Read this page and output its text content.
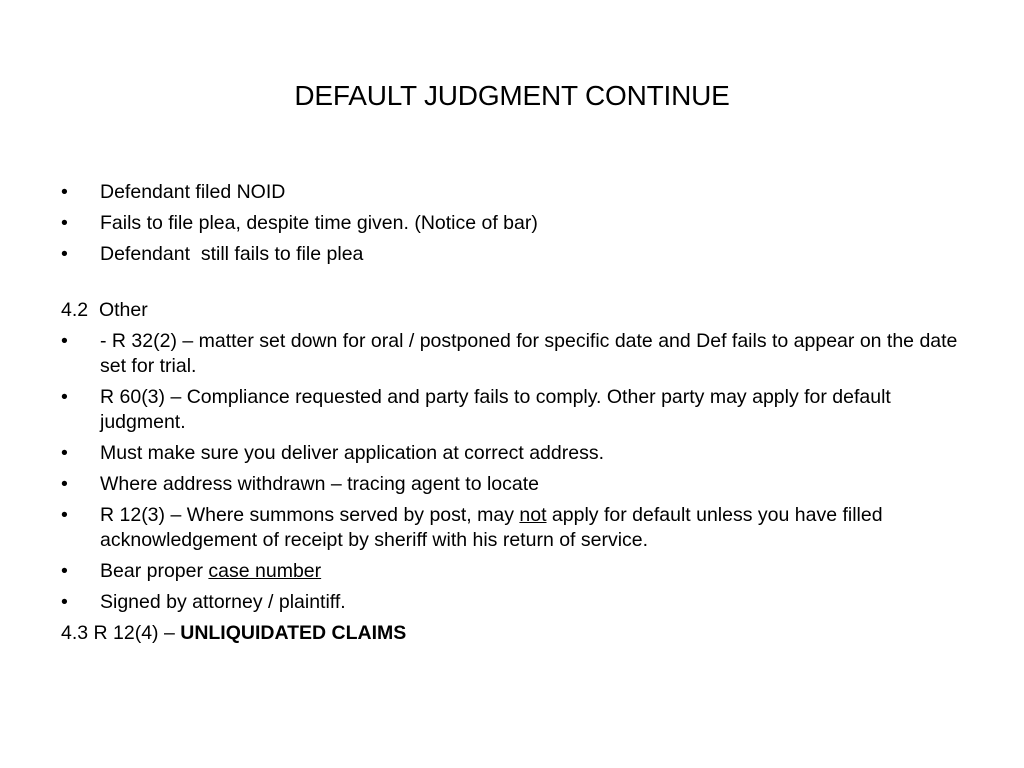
DEFAULT JUDGMENT CONTINUE
•	Defendant filed NOID
•	Fails to file plea, despite time given. (Notice of bar)
•	Defendant  still fails to file plea
4.2  Other
•	- R 32(2) – matter set down for oral / postponed for specific date and Def fails to appear on the date set for trial.
•	R 60(3) – Compliance requested and party fails to comply. Other party may apply for default judgment.
•	Must make sure you deliver application at correct address.
•	Where address withdrawn – tracing agent to locate
•	R 12(3) – Where summons served by post, may not apply for default unless you have filled acknowledgement of receipt by sheriff with his return of service.
•	Bear proper case number
•	Signed by attorney / plaintiff.
4.3 R 12(4) – UNLIQUIDATED CLAIMS
